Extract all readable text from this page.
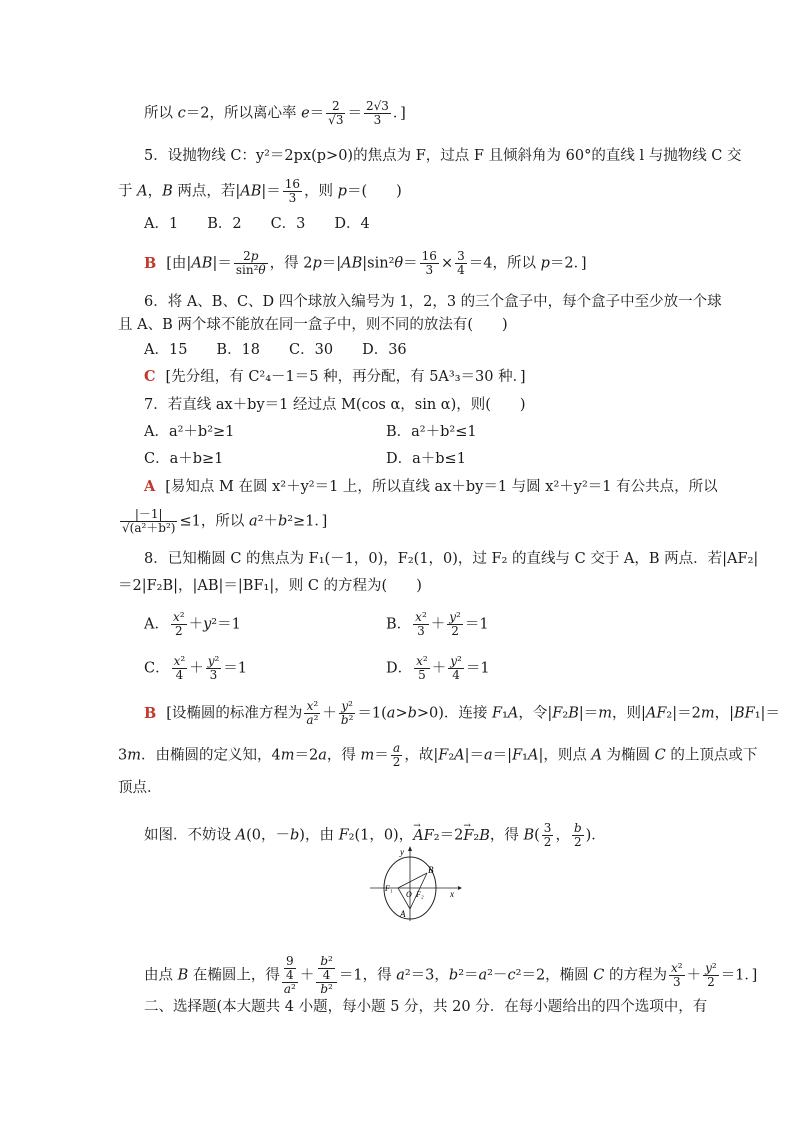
所以 c＝2，所以离心率 $e= \frac{2}{√3} = \frac{2√3}{3}$ ．]
5．设抛物线 C：y²＝2px(p>0)的焦点为 F，过点 F 且倾斜角为 60°的直线 l 与抛物线 C 交
于 A，B 两点，若$|AB|= \frac{16}{3}$ ，则 p＝(　　)
A．1　　B．2　　C．3　　D．4
B [由$|AB|= \frac{2p}{\text{sin²θ}}$ ，得 $2p=|AB|\sin^2\theta= \frac{16}{3} \times \frac{3}{4} =4$，所以 p＝2．]
6．将 A、B、C、D 四个球放入编号为 1，2，3 的三个盒子中，每个盒子中至少放一个球
且 A、B 两个球不能放在同一盒子中，则不同的放法有(　　)
A．15　　B．18　　C．30　　D．36
C [先分组，有 C²₄－1＝5 种，再分配，有 5A³₃＝30 种．]
7．若直线 ax＋by＝1 经过点 M(cos α，sin α)，则(　　)
A．a²＋b²≥1	B．a²＋b²≤1
C．a＋b≥1	D．a＋b≤1
A [易知点 M 在圆 x²＋y²＝1 上，所以直线 ax＋by＝1 与圆 x²＋y²＝1 有公共点，所以
$\frac{|-1|}{\text{√(a²＋b²)}} \le 1$，所以 a²＋b²≥1．]
8．已知椭圆 C 的焦点为 F₁(－1，0)，F₂(1，0)，过 F₂ 的直线与 C 交于 A，B 两点．若|AF₂|
＝2|F₂B|，|AB|＝|BF₁|，则 C 的方程为(　　)
A． $\frac{\text{x²}}{2} +y^2=1$	B． $\frac{\text{x²}}{3} + \frac{\text{y²}}{2} =1$
C． $\frac{\text{x²}}{4} + \frac{\text{y²}}{3} =1$	D． $\frac{\text{x²}}{5} + \frac{\text{y²}}{4} =1$
B [设椭圆的标准方程为 $\frac{\text{x²}}{\text{a²}} + \frac{\text{y²}}{\text{b²}} =1(a>b>0)$．连接 F₁A，令|F₂B|＝m，则|AF₂|＝2m，|BF₁|＝
3m．由椭圆的定义知，4m＝2a，得 $m= \frac{a}{2}$ ，故|F₂A|＝a＝|F₁A|，则点 A 为椭圆 C 的上顶点或下
顶点．
如图．不妨设 A(0，－b)，由 F₂(1，0)，→ AF₂＝2→ F₂B，得 $B( \frac{3}{2}$ ， $\frac{b}{2}$ )．
y
x
B
F₁
O F₂
A
由点 B 在椭圆上，得 $\frac{\frac{9}{4}}{\text{a²}} + \frac{\frac{\text{b²}}{4}}{\text{b²}} =1$，得 a²＝3，b²＝a²－c²＝2，椭圆 C 的方程为 $\frac{\text{x²}}{3} + \frac{\text{y²}}{2} =1$．]
二、选择题(本大题共 4 小题，每小题 5 分，共 20 分．在每小题给出的四个选项中，有
